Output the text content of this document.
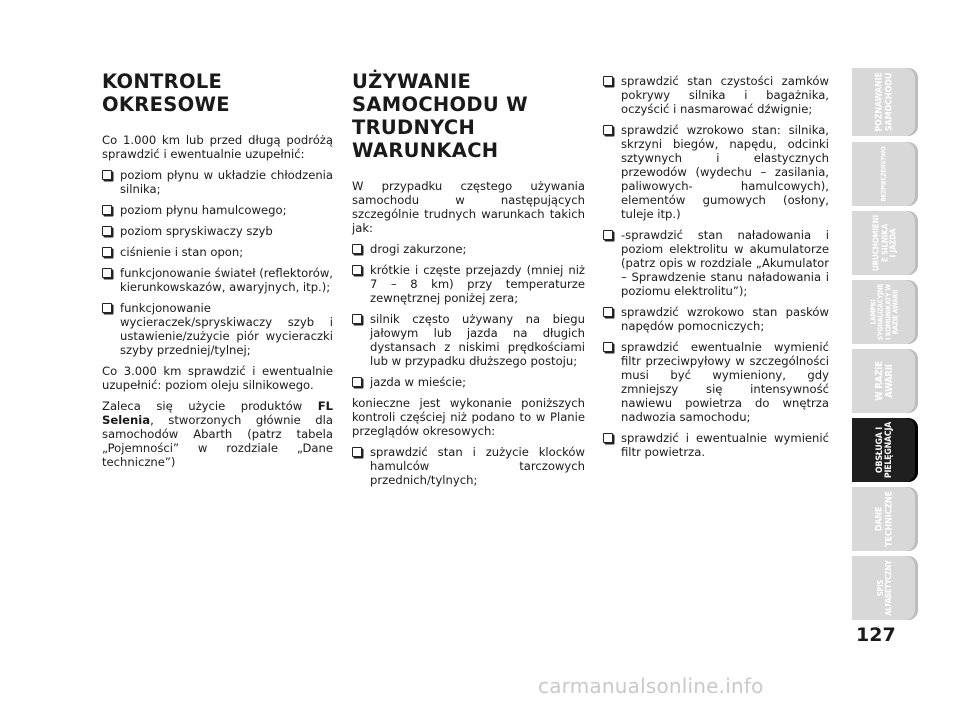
KONTROLE
OKRESOWE

Co 1.000 km lub przed długą podróżą sprawdzić i ewentualnie uzupełnić:

poziom płynu w układzie chłodzenia silnika;
poziom płynu hamulcowego;
poziom spryskiwaczy szyb
ciśnienie i stan opon;
funkcjonowanie świateł (reflektorów, kierunkowskazów, awaryjnych, itp.);
funkcjonowanie wycieraczek/spryskiwaczy szyb i ustawienie/zużycie piór wycieraczki szyby przedniej/tylnej;

Co 3.000 km sprawdzić i ewentualnie uzupełnić: poziom oleju silnikowego.

Zaleca się użycie produktów FL Selenia, stworzonych głównie dla samochodów Abarth (patrz tabela „Pojemności” w rozdziale „Dane techniczne”)

UŻYWANIE
SAMOCHODU W
TRUDNYCH
WARUNKACH

W przypadku częstego używania samochodu w następujących szczególnie trudnych warunkach takich jak:

drogi zakurzone;
krótkie i częste przejazdy (mniej niż 7 – 8 km) przy temperaturze zewnętrznej poniżej zera;
silnik często używany na biegu jałowym lub jazda na długich dystansach z niskimi prędkościami lub w przypadku dłuższego postoju;
jazda w mieście;

konieczne jest wykonanie poniższych kontroli częściej niż podano to w Planie przeglądów okresowych:

sprawdzić stan i zużycie klocków hamulców tarczowych przednich/tylnych;
sprawdzić stan czystości zamków pokrywy silnika i bagażnika, oczyścić i nasmarować dźwignie;
sprawdzić wzrokowo stan: silnika, skrzyni biegów, napędu, odcinki sztywnych i elastycznych przewodów (wydechu – zasilania, paliwowych- hamulcowych), elementów gumowych (osłony, tuleje itp.)
-sprawdzić stan naładowania i poziom elektrolitu w akumulatorze (patrz opis w rozdziale „Akumulator – Sprawdzenie stanu naładowania i poziomu elektrolitu”);
sprawdzić wzrokowo stan pasków napędów pomocniczych;
sprawdzić ewentualnie wymienić filtr przeciwpyłowy w szczególności musi być wymieniony, gdy zmniejszy się intensywność nawiewu powietrza do wnętrza nadwozia samochodu;
sprawdzić i ewentualnie wymienić filtr powietrza.
POZNAWANIE
SAMOCHODU
BEZPIECZEŃSTWO
URUCHOMIENI
E SILNIKA
I JAZDA
LAMPKI
SYGNALIZACYJNE
I KOMUNIKATY W
RAZIE AWARII
W RAZIE
AWARII
OBSŁUGA I
PIELĘGNACJA
DANE
TECHNICZNE
SPIS
ALFABETYCZNY
127
carmanualsonline.info
